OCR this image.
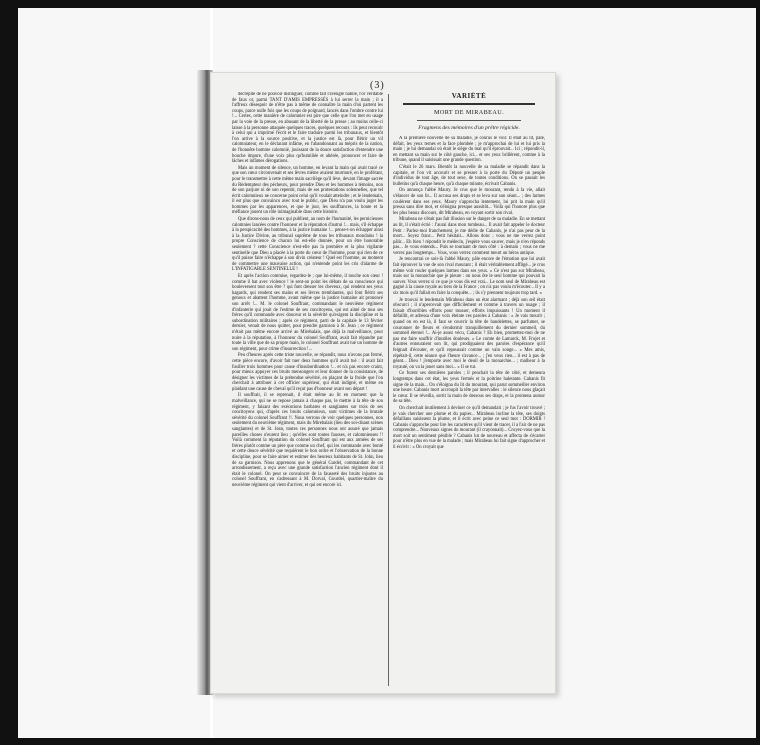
(3)

décrépite de ne pouvoir distinguer, comme fait l'aveugle habile, l'or véritable de faux or, parmi TANT D'AMIS EMPRESSÉS à lui serrer la main ; il a l'affreux désespoir de n'être pas à même de connaître la main d'où partent les coups, parce nulle fois que les coups de poignard, lancés dans l'ombre contre lui !... Certes, cette manière de calomnier est pire que celle que l'on met en usage par la voie de la presse, en abusant de la liberté de la presse ; au moins celle-ci laisse à la personne attaquée quelques traces, quelques recours : ils peut recourir à celui qui a imprimé l'écrit et le faire traduire parmi les tribunaux, et bientôt l'on arrive à la source positive, et la justice est là, pour flétrir un vil calomniateur, en le déclarant infâme, en l'abandonnant au mépris de la nation, de l'honnête homme calomnié, jouissant de la douce satisfaction d'entendre une bouche impure, d'une voix plus qu'humiliée et altérée, prononcer et faire de lâches et infâmes dérogations.

Mais un moment de silence, un homme, en levant la main qui avait tracé ce que son cœur circonvenait et ses lèvres même avaient murmuré, en le proférant, pour le transmettre à cette même main sacrilège qu'il lève, devant l'image sacrée du Rédempteur des pécheurs, pour prendre Dieu et les hommes à témoins, non de son parjure ni de son repentir, mais de ses protestations solennelles, que tel écrit calomnieux ne concerne point celui qu'il voulait atteindre ; et le lendemain, il est plus que convaincu avec tout le public, que Dieu n'a pas voulu juger les hommes par les apparences, et que le jour, les souffrances, la honte et la méfiance jouent un rôle inimaginable dans cette histoire.

Que dirons-nous de ceux qui publient, au nom de l'humanité, les pernicieuses calomnies lancées contre l'honneur et la réputation d'autrui !... mais, s'il échappe à la perspicacité des hommes, à la justice humaine !... pense-t-on échapper ainsi à la Justice Divine, au tribunal suprême de tous les tribunaux mondains ! la propre Conscience de chacun lui est-elle donnée, pour un être honorable seulement ? cette Conscience n'est-elle pas la première et la plus vigilante sentinelle que Dieu a placée à la porte du cœur de l'homme, pour qui rien de ce qu'il puisse faire n'échappe à son divin créateur ! Quel est l'homme, au moment de commettre une mauvaise action, qui n'entende point les cris d'alarme de L'INFATIGABLE SENTINELLE !

Et après l'action commise, regardez-le ; que lui-même, il touche son cœur ! comme il bat avec violence ! le sent-on point les débats de sa conscience qui bouleversent tout son être ? qui font dresser les cheveux, qui rendent ses yeux hagards, qui rendent ses mains et ses lèvres tremblantes, qui font flétrir ses genoux et abattent l'homme, avant même que la justice humaine ait prononcé son arrêt !... M. le colonel Souffrant, commandant le neuvième régiment d'infanterie qui jouit de l'estime de ses concitoyens, qui est aimé de tous ses frères qu'il commande avec douceur et la sévérité qu'exigent la discipline et la subordination militaires ; après ce régiment, parti de la capitale le 13 février dernier, venait de nous quitter, pour prendre garnison à St. Jean ; ce régiment n'était pas même encore arrivé au Mirebalais, que déjà la malveillance, pour nuire à la réputation, à l'honneur du colonel Souffrant, avait fait répandre par toute la ville que de sa propre main, le colonel Souffrant avait tué un homme de son régiment, pour crime d'insurrection !...

Peu d'heures après cette triste nouvelle, se répandit, nous n'avons pas fermé, cette pièce encore, d'avoir fait tuer deux hommes qu'il avait tué : il avait fait fusiller trois hommes pour cause d'insubordination !... et n'a pas encore craint, pour mieux appuyer ces bruits mensongers et leur donner de la consistance, de désigner les victimes de la prétendue sévérité, en plaçant de la froide que l'on cherchait à attribuer à cet officier supérieur, qui était indigné, et même en plaidant une cause de cheval qu'il reçut pas d'honneur avant son départ !

Il souffrait, il se reprenait, il était même au lit en moment que la malveillance, qui ne se repose jamais à chaque pas, le mettre à la tête de son régiment, y faisant des exécutions barbares et sanglantes sur trois de ses concitoyens qui, d'après ces bruits calomnieux, sont victimes de la brutale sévérité du colonel Souffrant !!. Nous verrons de voir quelques personnes, non seulement du neuvième régiment, mais du Mirebalais (lieu des soi-disant scènes sanglantes) et de St. Jean, toutes ces personnes nous ont assuré que jamais pareilles choses n'eurent lieu ; qu'elles sont toutes fausses, et calomnieuses !! Voilà comment la réputation du colonel Souffrant qui est aux armées de ses frères plutôt comme un père que comme un chef, qui les commande avec bonté et cette douce sévérité que requièrent le bon ordre et l'observation de la bonne discipline, pour se faire aimer et estimer des heureux habitants de St. John, lieu de sa garnison. Nous apprenons que le général Gardel, commandant de cet arrondissement, a reçu avec une grande satisfaction l'ancien régiment dont il était le colonel. On peut se convaincre de la fausseté des bruits injustes au colonel Souffrant, en s'adressant à M. Dorval, Gourdel, quartier-maître du neuvième régiment qui vient d'arriver, et qui est encore ici.

VARIÉTÉ
MORT DE MIRABEAU.
Fragmens des mémoires d'un prêtre régicide.

A la première nouvelle de sa maladie, je courus le voir. Il était au lit, pâle, défait, les yeux ternes et la face plombée ; je m'approchai de lui et lui pris la main ; je lui demandai où était le siège du mal qu'il éprouvait... Ici ; répondit-il, en mettant sa main sur le côté gauche, ici... et ses yeux brillèrent, comme à la tribune, quand il saisissait une grande question.

C'était le 26 mars. Bientôt la nouvelle de sa maladie se répandit dans la capitale, et l'on vit accourir et se presser à la porte du Député un peuple d'individus de tout âge, de tout sexe, de toutes conditions. On se passait les bulletins qu'à chaque heure, qu'à chaque minute, écrivait Cabanis.

On annonça l'abbé Maury. Je crus que le mourant, rendu à la vie, allait s'élancer de son lit... Il accusa ses draps et se leva sur son séant... ; des larmes coulèrent dans ses yeux. Maury s'approcha lentement, lui prit la main qu'il pressa sans dire mot, et s'éloigna presque aussitôt... Voilà qui l'honore plus que les plus beaux discours, dit Mirabeau, en voyant sortir son rival.

Mirabeau ne s'était pas fait illusion sur le danger de sa maladie. En se mettant au lit, il s'était écrié : J'aurai dans mon tombeau... Il avait fait appeler le docteur Petit : Parlez-moi franchement, je me dédie de Cabanis, je n'ai pas peur de la mort... Soyez franc... Petit hésitait... Allons donc ; vous ne me verrez point pâlir... Eh bien ! répondit le médecin, j'espère vous sauver, mais je n'en réponds pas... Je vous entends... Puis se tournant de mon côté : à demain ; vous ne me verrez pas longtemps... Vous, vous verrez comment meurt un héros antique.

Je rencontrai ce soir-là l'abbé Maury, pâle encore de l'émotion que lui avait fait éprouver la vue de son rival mourant ; il était véritablement affligé... je crus même voir rouler quelques larmes dans ses yeux. « Ce n'est pas sur Mirabeau, mais sur la monarchie que je pleure : on nous ôte le seul homme qui pouvait la sauver. Vous verrez si ce que je vous dis est vrai... Le nom seul de Mirabeau est gagné à la cause royale au tiers de la France ; on n'a pas voulu m'écouter... Il y a six mois qu'il fallait en faire la conquête... ; ils s'y prennent toujours trop tard. »

Je trouvai le lendemain Mirabeau dans un état alarmant ; déjà son œil était obscurci ; il n'apercevait que difficilement et comme à travers un nuage ; il faisait d'horribles efforts pour tousser, efforts impuissants ! Un moment il défaillit, et adressa d'une voix éteinte ces paroles à Cabanis : « Je vais mourir ; quand on en est là, il faut se couvrir la tête de bandelettes, se parfumer, se couronner de fleurs et s'endormir tranquillement du dernier sommeil, du sommeil éternel !... Ai-je assez vécu, Cabanis ? Eh bien, promettez-moi de ne pas me faire souffrir d'inutiles douleurs. » Le comte de Lamarck, M. Frojet et d'autres entouraient son lit, qui prodiguaient des paroles d'espérance qu'il feignait d'écouter, et qu'il repoussait comme un vain songe... « Mes amis, répétait-il, cette séance que l'heure s'avance... ; j'en veux rien... il est à pas de géant... Dieu ! j'emporte avec moi le deuil de la monarchie... ; malheur à la royauté, on va la jouer sans moi... » Il se tut.

Ce furent ses dernières paroles ; il penchait la tête de côté, et demeura longtemps dans cet état, les yeux fermés et la poitrine haletante. Cabanis fit signe de la main... On s'éloigna du lit du mourant, qui parut sommeiller environ une heure. Cabanis mort accroupit la tête par intervalles : le silence nous glaçait le cœur. Il se réveilla, sortit la main de dessous ses draps, et la promena autour de sa tête.

On cherchait inutilement à deviner ce qu'il demandait ; je fus l'avoir trouvé ; je vais chercher une plume et du papier... Mirabeau incline la tête, ses doigts défaillans saisissent la plume, et il écrit avec peine ce seul mot : DORMIR ! Cabanis s'approche pour lire les caractères qu'il vient de tracer, il a l'air de ne pas comprendre... Nouveaux signes du mourant (il crayonnait)... Croyez-vous que la mort soit un sentiment pénible ? Cabanis lut de nouveau et affecta de s'écarter pour n'être plus en vue de la malade ; mais Mirabeau lui fait signe d'approcher et il écrivit : « On croyait que
